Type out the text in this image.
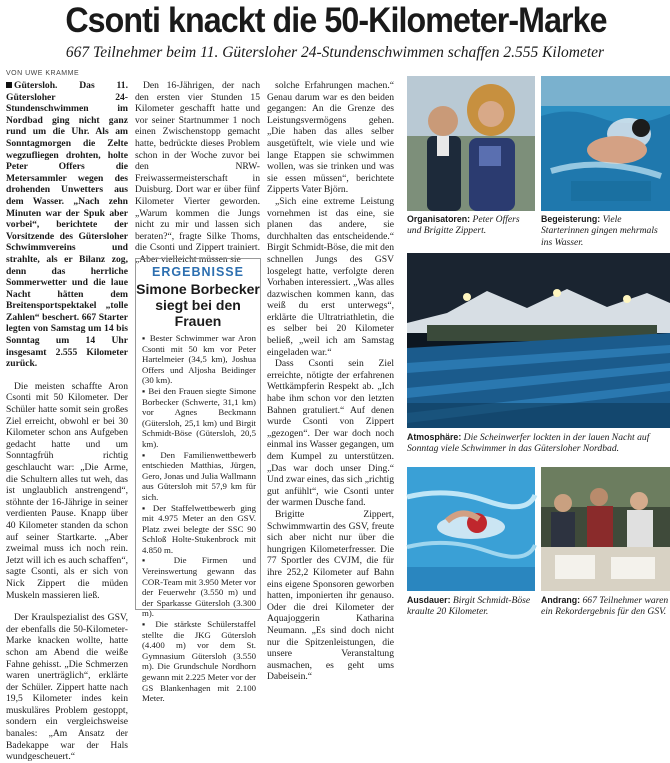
Csonti knackt die 50-Kilometer-Marke
667 Teilnehmer beim 11. Gütersloher 24-Stundenschwimmen schaffen 2.555 Kilometer
VON UWE KRAMME

Gütersloh. Das 11. Gütersloher 24-Stundenschwimmen im Nordbad ging nicht ganz rund um die Uhr. Als am Sonntagmorgen die Zelte wegzufliegen drohten, holte Peter Offers die Metersammler wegen des drohenden Unwetters aus dem Wasser. „Nach zehn Minuten war der Spuk aber vorbei“, berichtete der Vorsitzende des Gütersloher Schwimmvereins und strahlte, als er Bilanz zog, denn das herrliche Sommerwetter und die laue Nacht hätten dem Breitensportspektakel „tolle Zahlen“ beschert. 667 Starter legten von Samstag um 14 bis Sonntag um 14 Uhr insgesamt 2.555 Kilometer zurück.

Die meisten schaffte Aron Csonti mit 50 Kilometer. Der Schüler hatte somit sein großes Ziel erreicht, obwohl er bei 30 Kilometer schon ans Aufgeben gedacht hatte und um Sonntagfrüh richtig geschlaucht war: „Die Arme, die Schultern alles tut weh, das ist unglaublich anstrengend“, stöhnte der 16-Jährige in seiner verdienten Pause. Knapp über 40 Kilometer standen da schon auf seiner Startkarte. „Aber zweimal muss ich noch rein. Jetzt will ich es auch schaffen“, sagte Csonti, als er sich von Nick Zippert die müden Muskeln massieren ließ.

Der Kraulspezialist des GSV, der ebenfalls die 50-Kilometer-Marke knacken wollte, hatte schon am Abend die weiße Fahne gehisst. „Die Schmerzen waren unerträglich“, erklärte der Schüler. Zippert hatte nach 19,5 Kilometer indes kein muskuläres Problem gestoppt, sondern ein vergleichsweise banales: „Am Ansatz der Badekappe war der Hals wundgescheuert.“

Den 16-Jährigen, der nach den ersten vier Stunden 15 Kilometer geschafft hatte und vor seiner Startnummer 1 noch einen Zwischenstopp gemacht hatte, bedrückte dieses Problem schon in der Woche zuvor bei den NRW-Freiwassermeisterschaft in Duisburg. Dort war er über fünf Kilometer Vierter geworden. „Warum kommen die Jungs nicht zu mir und lassen sich beraten?“, fragte Silke Thoms, die Csonti und Zippert trainiert. „Aber vielleicht müssen sie

ERGEBNISSE
Simone Borbecker siegt bei den Frauen
▪ Bester Schwimmer war Aron Csonti mit 50 km vor Peter Hartelmeier (34,5 km), Joshua Offers und Aljosha Beidinger (30 km).
▪ Bei den Frauen siegte Simone Borbecker (Schwerte, 31,1 km) vor Agnes Beckmann (Gütersloh, 25,1 km) und Birgit Schmidt-Böse (Gütersloh, 20,5 km).
▪ Den Familienwettbewerb entschieden Matthias, Jürgen, Gero, Jonas und Julia Wallmann aus Gütersloh mit 57,9 km für sich.
▪ Der Staffelwettbewerb ging mit 4.975 Meter an den GSV. Platz zwei belegte der SSC 90 Schloß Holte-Stukenbrock mit 4.850 m.
▪ Die Firmen und Vereinswertung gewann das COR-Team mit 3.950 Meter vor der Feuerwehr (3.550 m) und der Sparkasse Gütersloh (3.300 m).
▪ Die stärkste Schülerstaffel stellte die JKG Gütersloh (4.400 m) vor dem St. Gymnasium Gütersloh (3.550 m). Die Grundschule Nordhorn gewann mit 2.225 Meter vor der GS Blankenhagen mit 2.100 Meter.

solche Erfahrungen machen.“ Genau darum war es den beiden gegangen: An die Grenze des Leistungsvermögens gehen. „Die haben das alles selber ausgetüftelt, wie viele und wie lange Etappen sie schwimmen wollen, was sie trinken und was sie essen müssen“, berichtete Zipperts Vater Björn.

„Sich eine extreme Leistung vornehmen ist das eine, sie planen das andere, sie durchhalten das entscheidende.“ Birgit Schmidt-Böse, die mit den schnellen Jungs des GSV losgelegt hatte, verfolgte deren Vorhaben interessiert. „Was alles dazwischen kommen kann, das weiß du erst unterwegs“, erklärte die Ultratriathletin, die es selber bei 20 Kilometer beließ, „weil ich am Samstag eingeladen war.“

Dass Csonti sein Ziel erreichte, nötigte der erfahrenen Wettkämpferin Respekt ab. „Ich habe ihm schon vor den letzten Bahnen gratuliert.“ Auf denen wurde Csonti von Zippert „gezogen“. Der war doch noch einmal ins Wasser gegangen, um dem Kumpel zu unterstützen. „Das war doch unser Ding.“ Und zwar eines, das sich „richtig gut anfühlt“, wie Csonti unter der warmen Dusche fand.

Brigitte Zippert, Schwimmwartin des GSV, freute sich aber nicht nur über die hungrigen Kilometerfresser. Die 77 Sportler des CVJM, die für ihre 252,2 Kilometer auf Bahn eins eigene Sponsoren geworben hatten, imponierten ihr genauso. Oder die drei Kilometer der Aquajoggerin Katharina Neumann. „Es sind doch nicht nur die Spitzenleistungen, die unsere Veranstaltung ausmachen, es geht ums Dabeisein.“

Organisatoren: Peter Offers und Brigitte Zippert.
Begeisterung: Viele Starterinnen gingen mehrmals ins Wasser.
Atmosphäre: Die Scheinwerfer lockten in der lauen Nacht auf Sonntag viele Schwimmer in das Gütersloher Nordbad.
Ausdauer: Birgit Schmidt-Böse kraulte 20 Kilometer.
Andrang: 667 Teilnehmer waren ein Rekordergebnis für den GSV.
